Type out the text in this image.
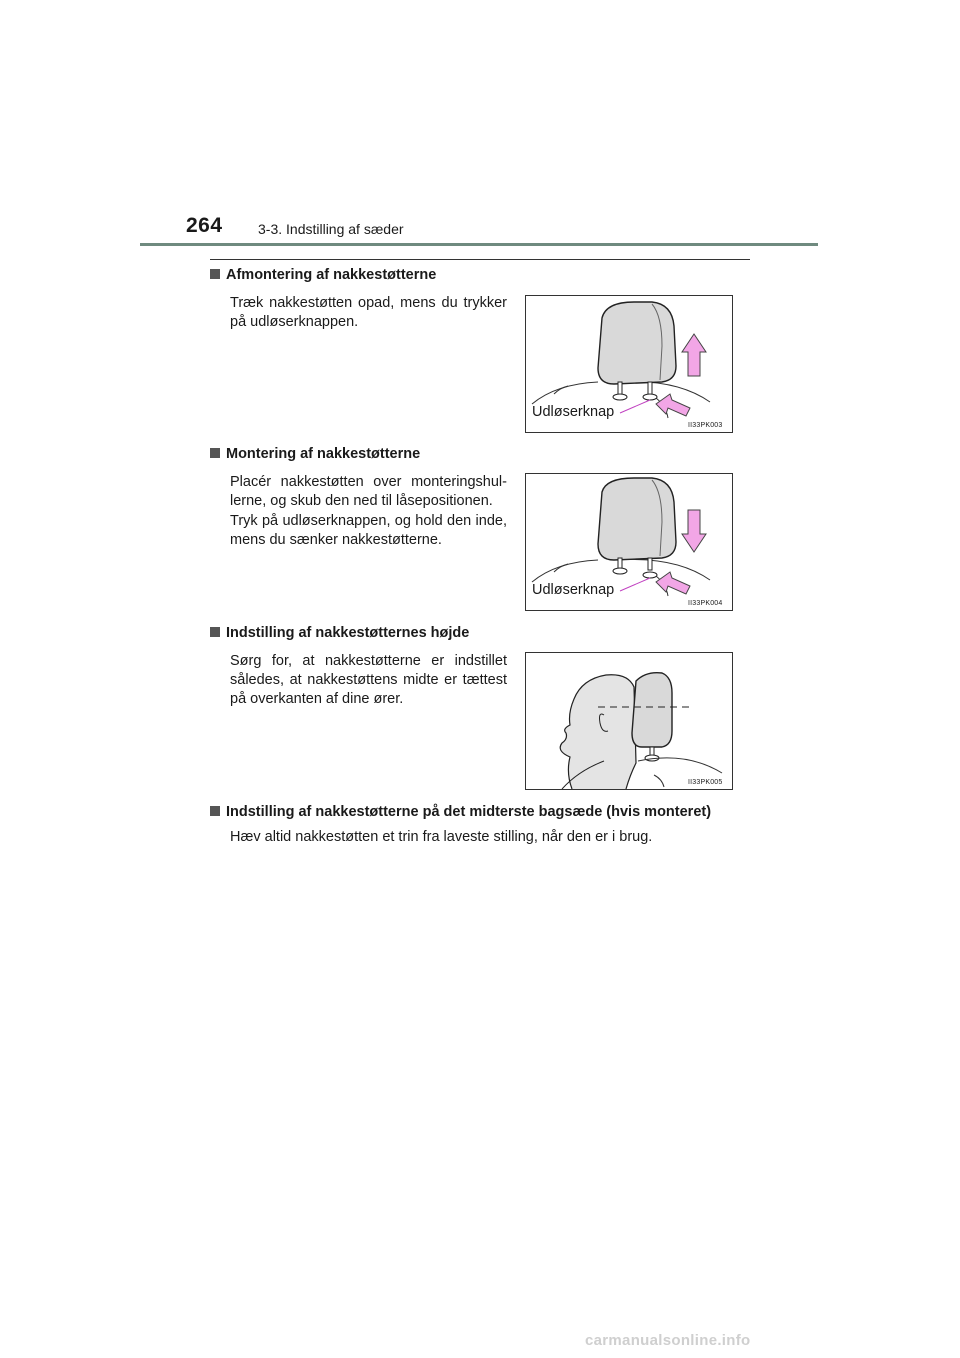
264	3-3. Indstilling af sæder
Afmontering af nakkestøtterne
Træk nakkestøtten opad, mens du trykker på udløserknappen.
Udløserknap
II33PK003
Montering af nakkestøtterne
Placér nakkestøtten over monteringshul-lerne, og skub den ned til låsepositionen.
Tryk på udløserknappen, og hold den inde, mens du sænker nakkestøtterne.
Udløserknap
II33PK004
Indstilling af nakkestøtternes højde
Sørg for, at nakkestøtterne er indstillet således, at nakkestøttens midte er tættest på overkanten af dine ører.
II33PK005
Indstilling af nakkestøtterne på det midterste bagsæde (hvis monteret)
Hæv altid nakkestøtten et trin fra laveste stilling, når den er i brug.
carmanualsonline.info
